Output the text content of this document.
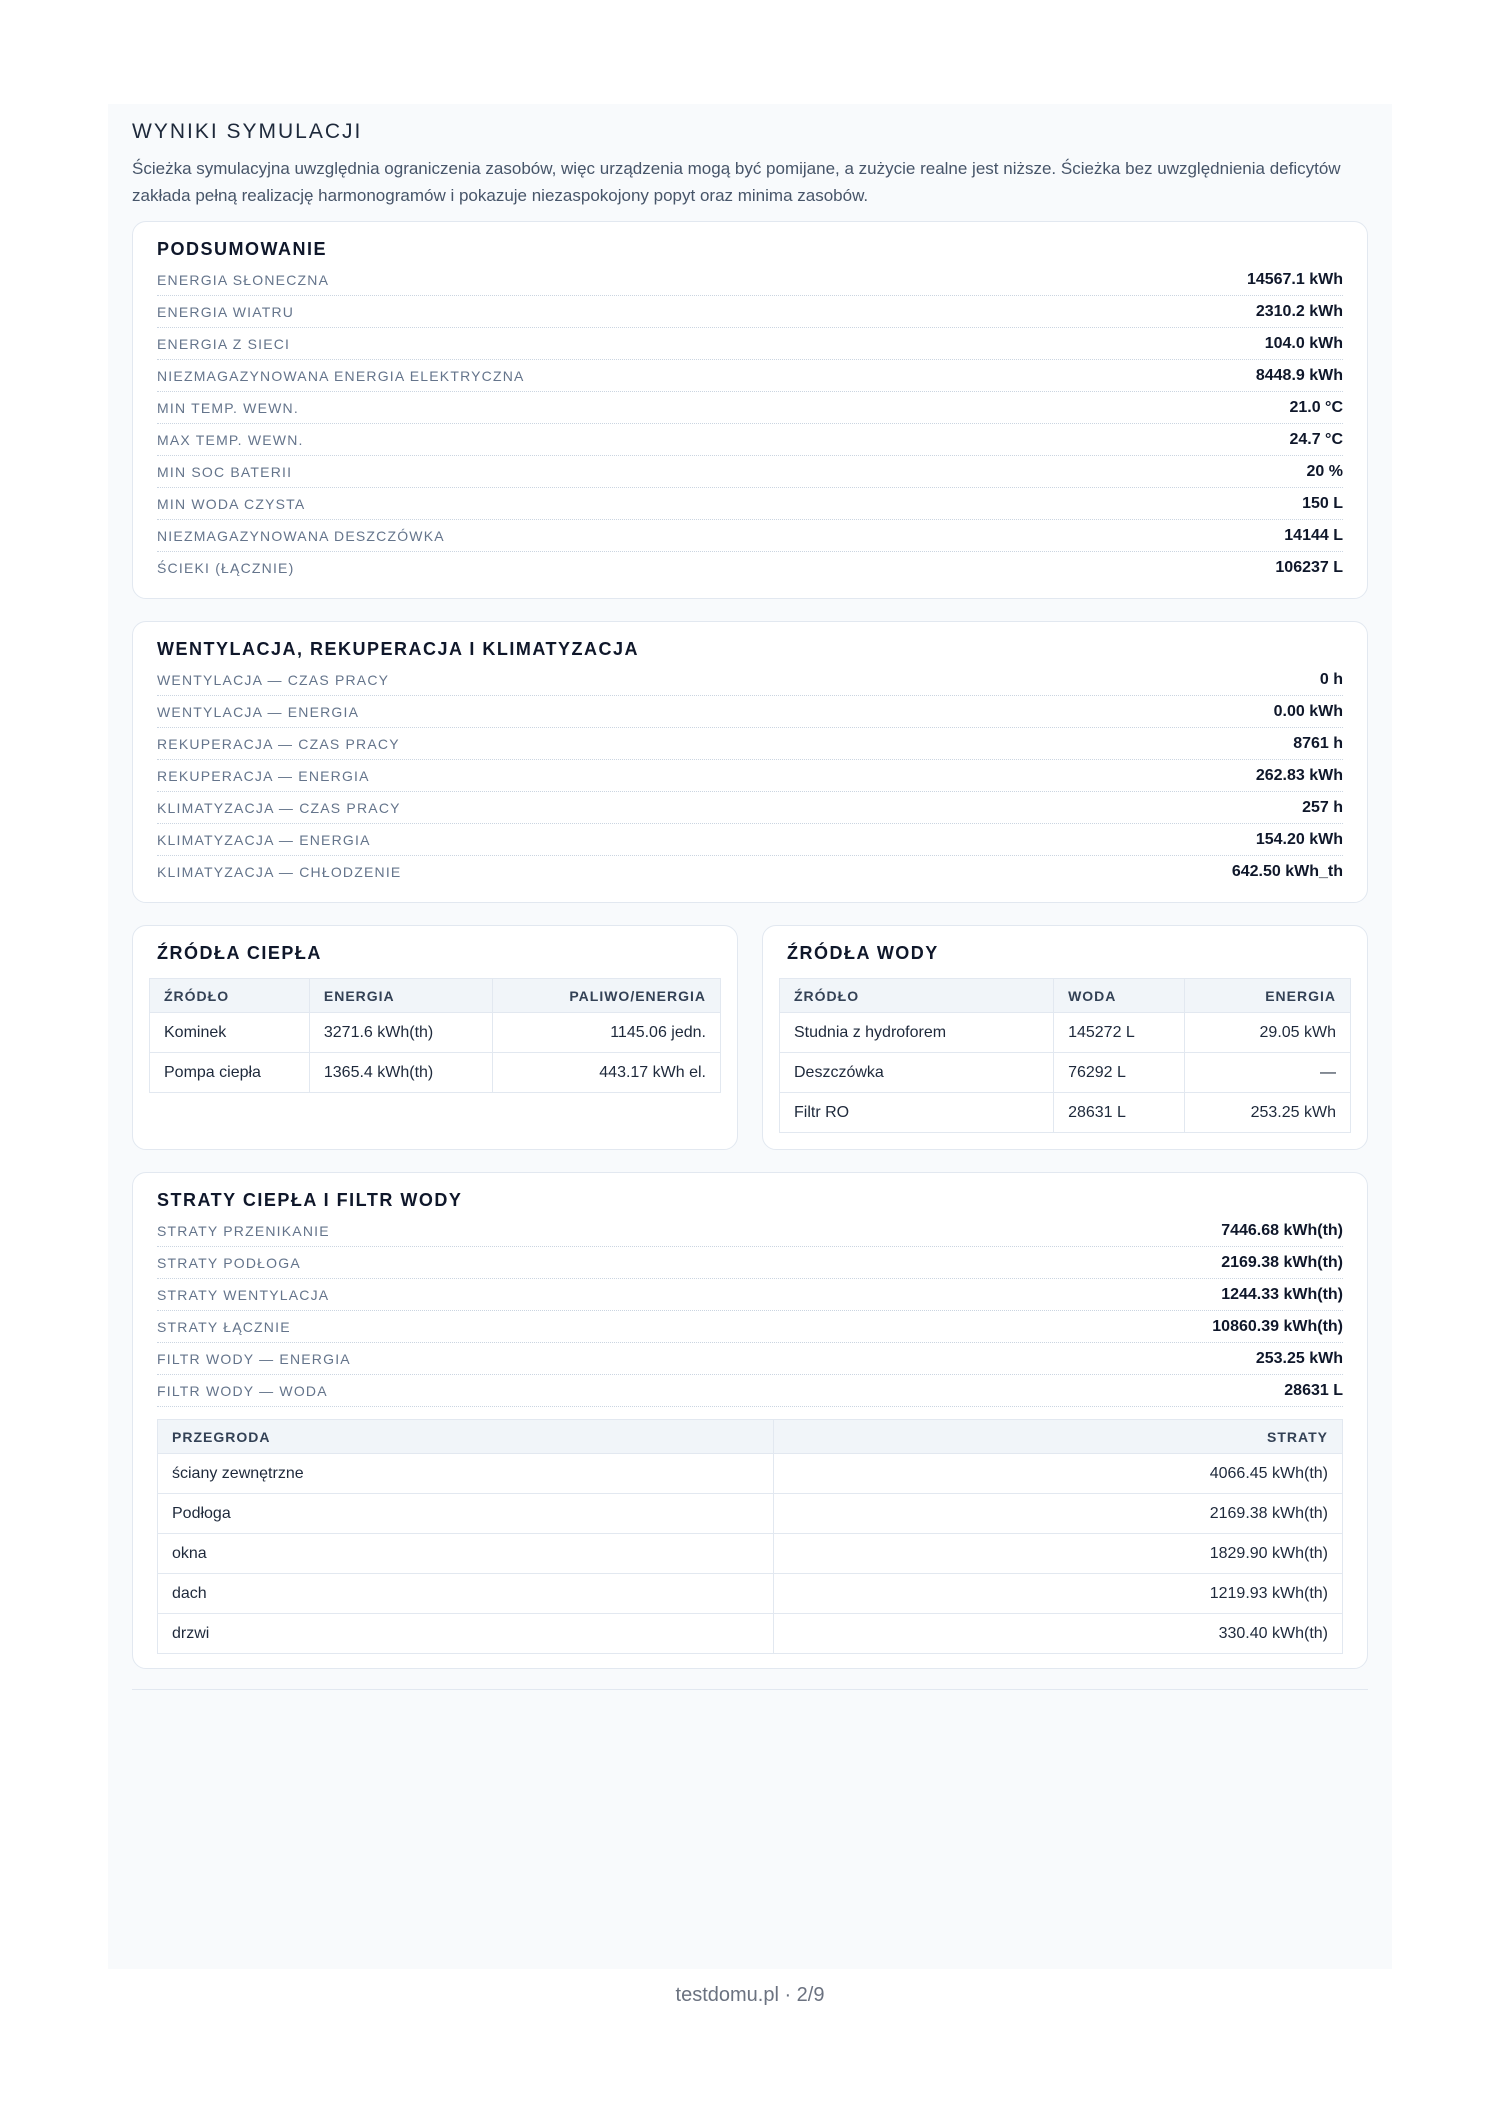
WYNIKI SYMULACJI
Ścieżka symulacyjna uwzględnia ograniczenia zasobów, więc urządzenia mogą być pomijane, a zużycie realne jest niższe. Ścieżka bez uwzględnienia deficytów zakłada pełną realizację harmonogramów i pokazuje niezaspokojony popyt oraz minima zasobów.
PODSUMOWANIE
ENERGIA SŁONECZNA	14567.1 kWh
ENERGIA WIATRU	2310.2 kWh
ENERGIA Z SIECI	104.0 kWh
NIEZMAGAZYNOWANA ENERGIA ELEKTRYCZNA	8448.9 kWh
MIN TEMP. WEWN.	21.0 °C
MAX TEMP. WEWN.	24.7 °C
MIN SOC BATERII	20 %
MIN WODA CZYSTA	150 L
NIEZMAGAZYNOWANA DESZCZÓWKA	14144 L
ŚCIEKI (ŁĄCZNIE)	106237 L
WENTYLACJA, REKUPERACJA I KLIMATYZACJA
WENTYLACJA — CZAS PRACY	0 h
WENTYLACJA — ENERGIA	0.00 kWh
REKUPERACJA — CZAS PRACY	8761 h
REKUPERACJA — ENERGIA	262.83 kWh
KLIMATYZACJA — CZAS PRACY	257 h
KLIMATYZACJA — ENERGIA	154.20 kWh
KLIMATYZACJA — CHŁODZENIE	642.50 kWh_th
ŹRÓDŁA CIEPŁA
ŹRÓDŁO	ENERGIA	PALIWO/ENERGIA
Kominek	3271.6 kWh(th)	1145.06 jedn.
Pompa ciepła	1365.4 kWh(th)	443.17 kWh el.
ŹRÓDŁA WODY
ŹRÓDŁO	WODA	ENERGIA
Studnia z hydroforem	145272 L	29.05 kWh
Deszczówka	76292 L	—
Filtr RO	28631 L	253.25 kWh
STRATY CIEPŁA I FILTR WODY
STRATY PRZENIKANIE	7446.68 kWh(th)
STRATY PODŁOGA	2169.38 kWh(th)
STRATY WENTYLACJA	1244.33 kWh(th)
STRATY ŁĄCZNIE	10860.39 kWh(th)
FILTR WODY — ENERGIA	253.25 kWh
FILTR WODY — WODA	28631 L
PRZEGRODA	STRATY
ściany zewnętrzne	4066.45 kWh(th)
Podłoga	2169.38 kWh(th)
okna	1829.90 kWh(th)
dach	1219.93 kWh(th)
drzwi	330.40 kWh(th)
testdomu.pl · 2/9
